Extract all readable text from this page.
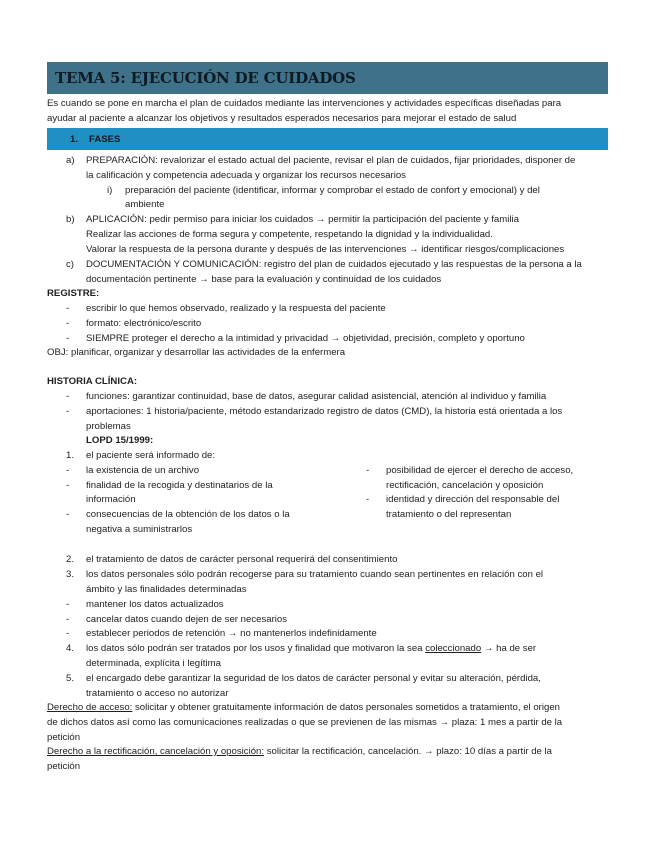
TEMA 5: EJECUCIÓN DE CUIDADOS
Es cuando se pone en marcha el plan de cuidados mediante las intervenciones y actividades específicas diseñadas para
ayudar al paciente a alcanzar los objetivos y resultados esperados necesarios para mejorar el estado de salud
1. FASES
a) PREPARACIÓN: revalorizar el estado actual del paciente, revisar el plan de cuidados, fijar prioridades, disponer de
la calificación y competencia adecuada y organizar los recursos necesarios
i) preparación del paciente (identificar, informar y comprobar el estado de confort y emocional) y del
ambiente
b) APLICACIÓN: pedir permiso para iniciar los cuidados → permitir la participación del paciente y familia
Realizar las acciones de forma segura y competente, respetando la dignidad y la individualidad.
Valorar la respuesta de la persona durante y después de las intervenciones → identificar riesgos/complicaciones
c) DOCUMENTACIÓN Y COMUNICACIÓN: registro del plan de cuidados ejecutado y las respuestas de la persona a la
documentación pertinente → base para la evaluación y continuidad de los cuidados
REGISTRE:
- escribir lo que hemos observado, realizado y la respuesta del paciente
- formato: electrónico/escrito
- SIEMPRE proteger el derecho a la intimidad y privacidad → objetividad, precisión, completo y oportuno
OBJ: planificar, organizar y desarrollar las actividades de la enfermera
HISTORIA CLÍNICA:
- funciones: garantizar continuidad, base de datos, asegurar calidad asistencial, atención al individuo y familia
- aportaciones: 1 historia/paciente, método estandarizado registro de datos (CMD), la historia está orientada a los
problemas
LOPD 15/1999:
1. el paciente será informado de:
- la existencia de un archivo
- finalidad de la recogida y destinatarios de la
información
- consecuencias de la obtención de los datos o la
negativa a suministrarlos
- posibilidad de ejercer el derecho de acceso,
rectificación, cancelación y oposición
- identidad y dirección del responsable del
tratamiento o del representan
2. el tratamiento de datos de carácter personal requerirá del consentimiento
3. los datos personales sólo podrán recogerse para su tratamiento cuando sean pertinentes en relación con el
ámbito y las finalidades determinadas
- mantener los datos actualizados
- cancelar datos cuando dejen de ser necesarios
- establecer periodos de retención → no mantenerlos indefinidamente
4. los datos sólo podrán ser tratados por los usos y finalidad que motivaron la sea coleccionado → ha de ser
determinada, explícita i legítima
5. el encargado debe garantizar la seguridad de los datos de carácter personal y evitar su alteración, pérdida,
tratamiento o acceso no autorizar
Derecho de acceso: solicitar y obtener gratuitamente información de datos personales sometidos a tratamiento, el origen
de dichos datos así como las comunicaciones realizadas o que se previenen de las mismas → plaza: 1 mes a partir de la
petición
Derecho a la rectificación, cancelación y oposición: solicitar la rectificación, cancelación. → plazo: 10 días a partir de la
petición
